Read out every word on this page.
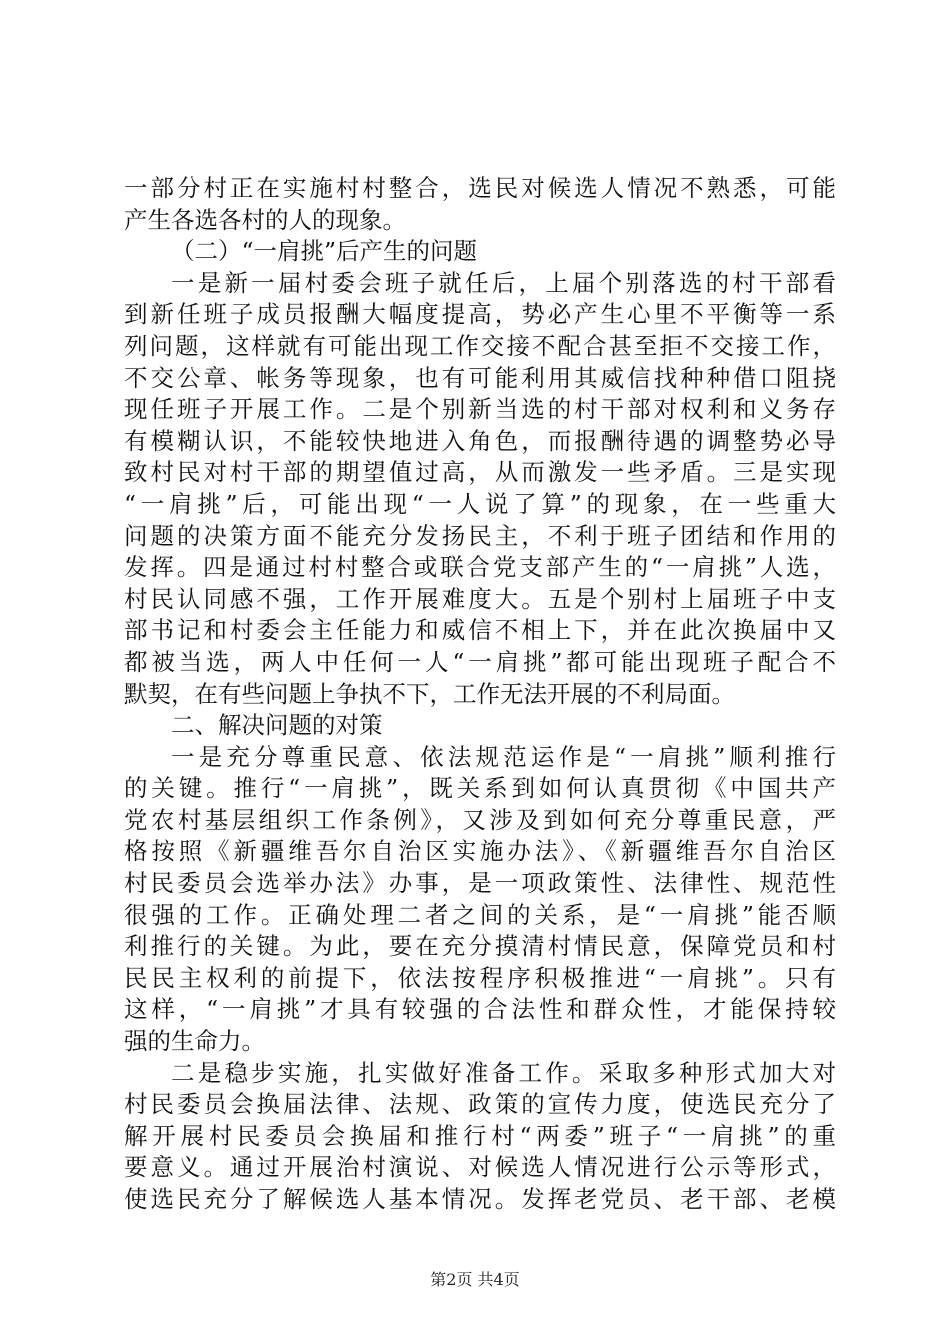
一部分村正在实施村村整合，选民对候选人情况不熟悉，可能
产生各选各村的人的现象。
（二）“一肩挑”后产生的问题
一是新一届村委会班子就任后，上届个别落选的村干部看
到新任班子成员报酬大幅度提高，势必产生心里不平衡等一系
列问题，这样就有可能出现工作交接不配合甚至拒不交接工作，
不交公章、帐务等现象，也有可能利用其威信找种种借口阻挠
现任班子开展工作。二是个别新当选的村干部对权利和义务存
有模糊认识，不能较快地进入角色，而报酬待遇的调整势必导
致村民对村干部的期望值过高，从而激发一些矛盾。三是实现
“一肩挑”后，可能出现“一人说了算”的现象，在一些重大
问题的决策方面不能充分发扬民主，不利于班子团结和作用的
发挥。四是通过村村整合或联合党支部产生的“一肩挑”人选，
村民认同感不强，工作开展难度大。五是个别村上届班子中支
部书记和村委会主任能力和威信不相上下，并在此次换届中又
都被当选，两人中任何一人“一肩挑”都可能出现班子配合不
默契，在有些问题上争执不下，工作无法开展的不利局面。
二、解决问题的对策
一是充分尊重民意、依法规范运作是“一肩挑”顺利推行
的关键。推行“一肩挑”，既关系到如何认真贯彻《中国共产
党农村基层组织工作条例》，又涉及到如何充分尊重民意，严
格按照《新疆维吾尔自治区实施办法》、《新疆维吾尔自治区
村民委员会选举办法》办事，是一项政策性、法律性、规范性
很强的工作。正确处理二者之间的关系，是“一肩挑”能否顺
利推行的关键。为此，要在充分摸清村情民意，保障党员和村
民民主权利的前提下，依法按程序积极推进“一肩挑”。只有
这样，“一肩挑”才具有较强的合法性和群众性，才能保持较
强的生命力。
二是稳步实施，扎实做好准备工作。采取多种形式加大对
村民委员会换届法律、法规、政策的宣传力度，使选民充分了
解开展村民委员会换届和推行村“两委”班子“一肩挑”的重
要意义。通过开展治村演说、对候选人情况进行公示等形式，
使选民充分了解候选人基本情况。发挥老党员、老干部、老模
第2页 共4页
